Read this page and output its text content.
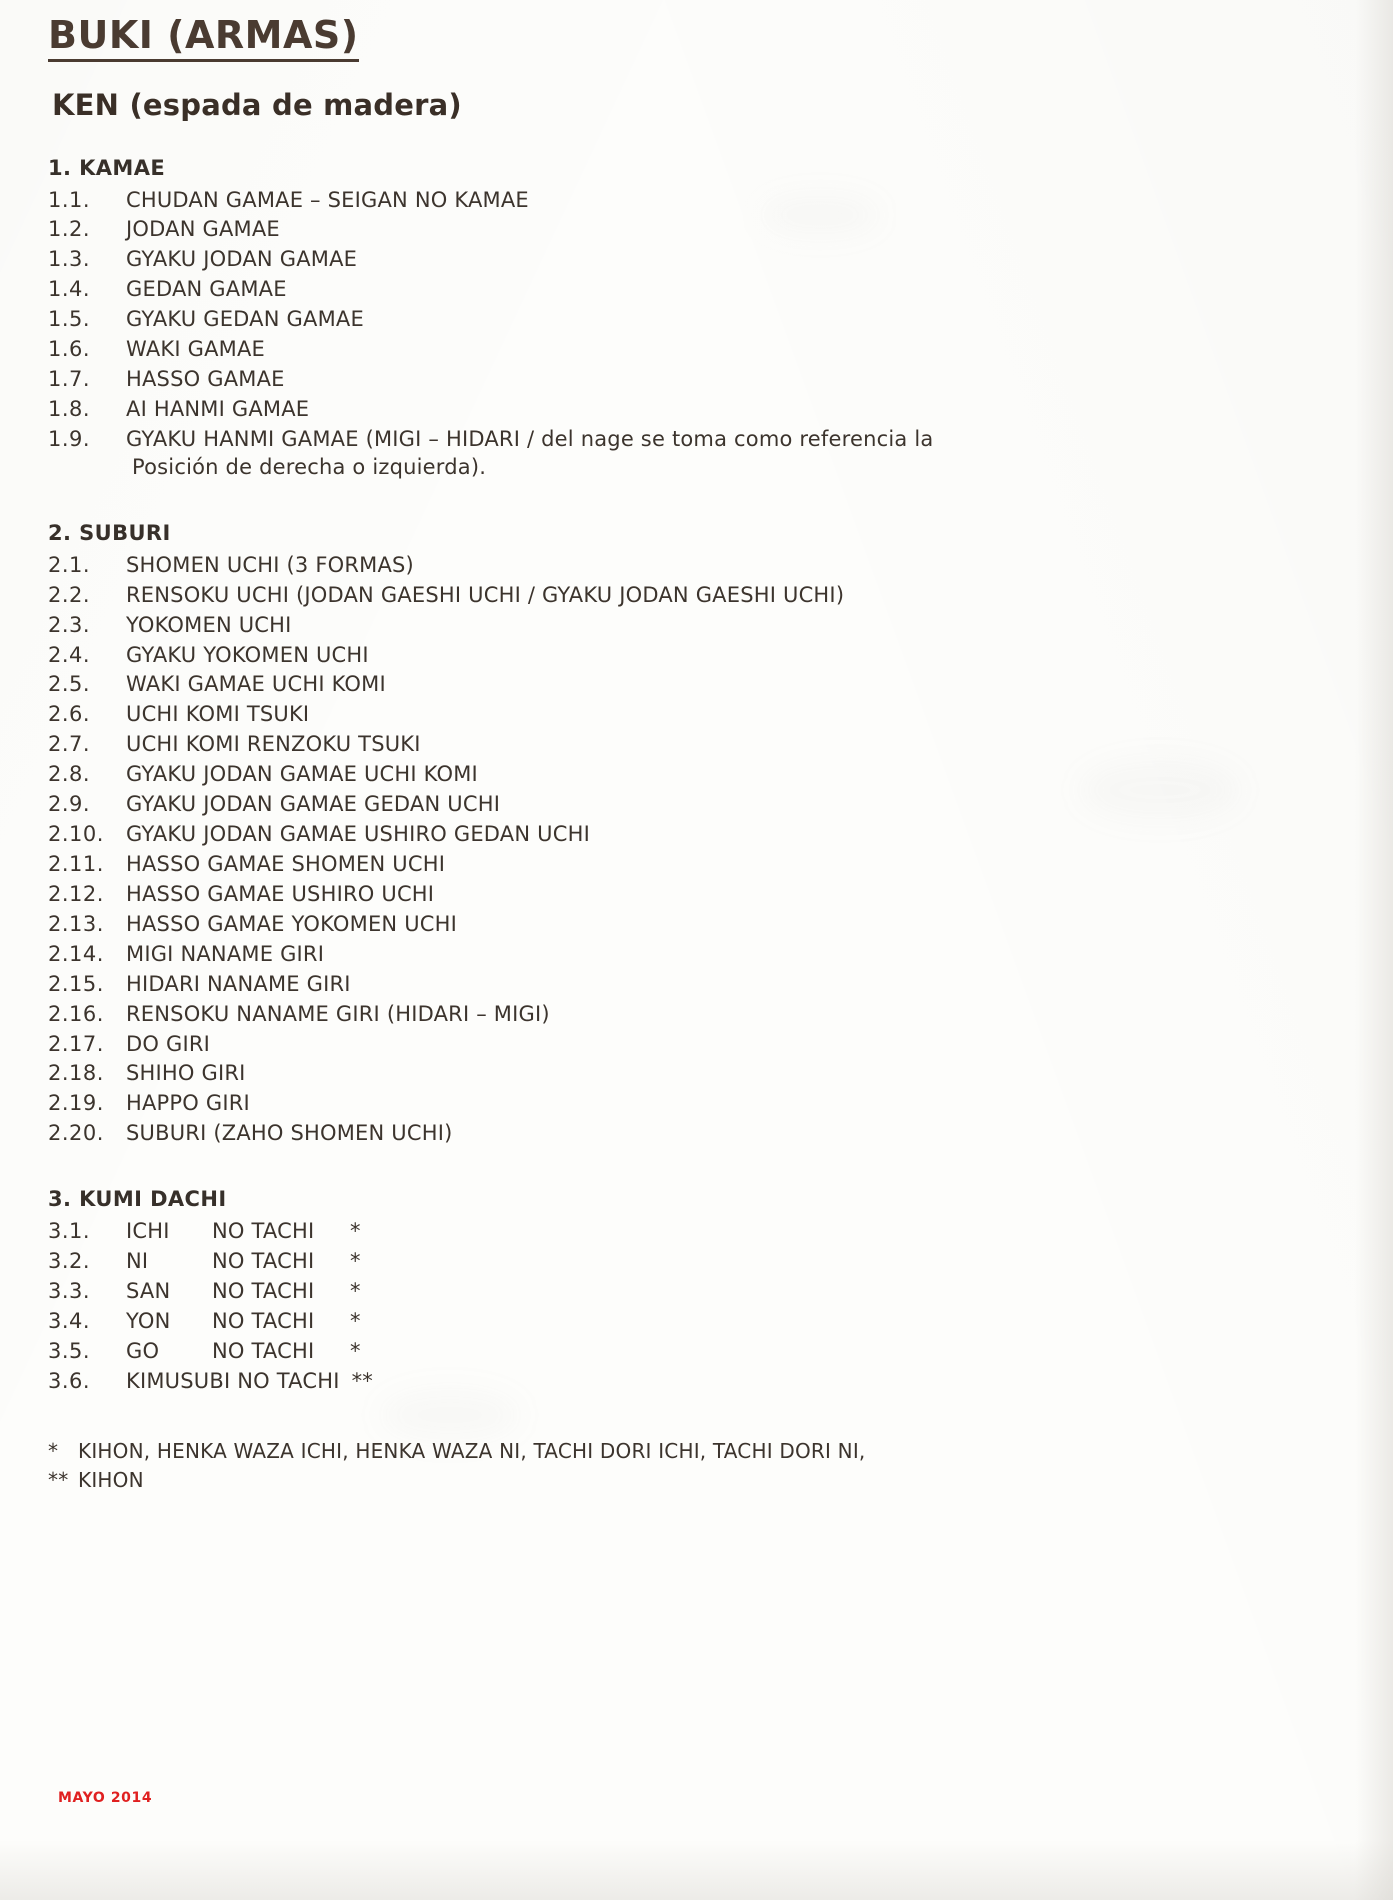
BUKI (ARMAS)
KEN (espada de madera)
1. KAMAE
1.1.	CHUDAN GAMAE – SEIGAN NO KAMAE
1.2.	JODAN GAMAE
1.3.	GYAKU JODAN GAMAE
1.4.	GEDAN GAMAE
1.5.	GYAKU GEDAN GAMAE
1.6.	WAKI GAMAE
1.7.	HASSO GAMAE
1.8.	AI HANMI GAMAE
1.9.	GYAKU HANMI GAMAE (MIGI – HIDARI / del nage se toma como referencia la
Posición de derecha o izquierda).
2. SUBURI
2.1.	SHOMEN UCHI (3 FORMAS)
2.2.	RENSOKU UCHI (JODAN GAESHI UCHI / GYAKU JODAN GAESHI UCHI)
2.3.	YOKOMEN UCHI
2.4.	GYAKU YOKOMEN UCHI
2.5.	WAKI GAMAE UCHI KOMI
2.6.	UCHI KOMI TSUKI
2.7.	UCHI KOMI RENZOKU TSUKI
2.8.	GYAKU JODAN GAMAE UCHI KOMI
2.9.	GYAKU JODAN GAMAE GEDAN UCHI
2.10.	GYAKU JODAN GAMAE USHIRO GEDAN UCHI
2.11.	HASSO GAMAE SHOMEN UCHI
2.12.	HASSO GAMAE USHIRO UCHI
2.13.	HASSO GAMAE YOKOMEN UCHI
2.14.	MIGI NANAME GIRI
2.15.	HIDARI NANAME GIRI
2.16.	RENSOKU NANAME GIRI (HIDARI – MIGI)
2.17.	DO GIRI
2.18.	SHIHO GIRI
2.19.	HAPPO GIRI
2.20.	SUBURI (ZAHO SHOMEN UCHI)
3. KUMI DACHI
3.1.	ICHI	NO TACHI	*
3.2.	NI	NO TACHI	*
3.3.	SAN	NO TACHI	*
3.4.	YON	NO TACHI	*
3.5.	GO	NO TACHI	*
3.6.	KIMUSUBI NO TACHI **
* KIHON, HENKA WAZA ICHI, HENKA WAZA NI, TACHI DORI ICHI, TACHI DORI NI,
** KIHON
MAYO 2014
